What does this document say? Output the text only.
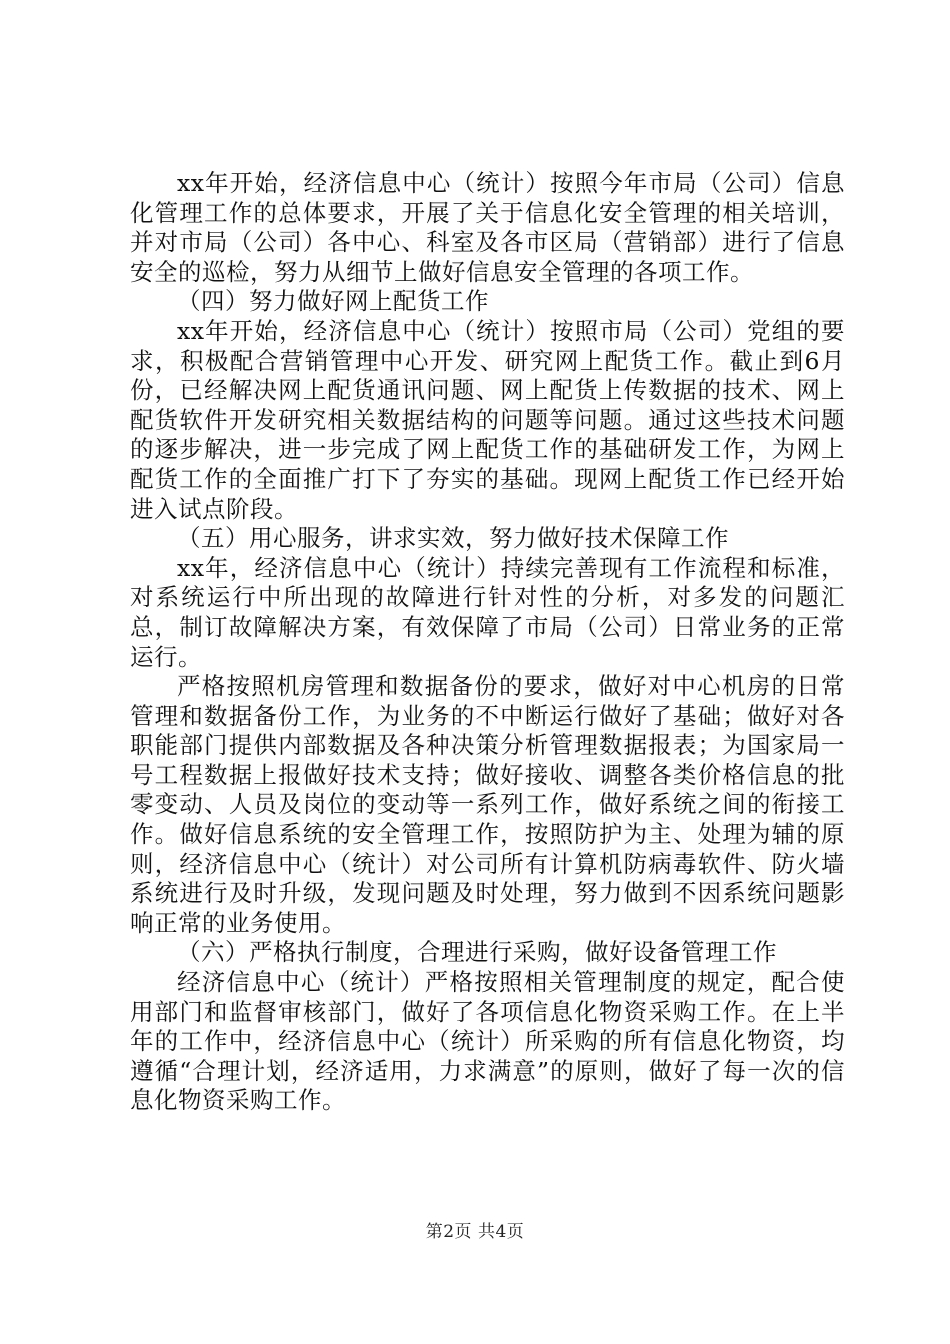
xx年开始，经济信息中心（统计）按照今年市局（公司）信息化管理工作的总体要求，开展了关于信息化安全管理的相关培训，并对市局（公司）各中心、科室及各市区局（营销部）进行了信息安全的巡检，努力从细节上做好信息安全管理的各项工作。

（四）努力做好网上配货工作

xx年开始，经济信息中心（统计）按照市局（公司）党组的要求，积极配合营销管理中心开发、研究网上配货工作。截止到6月份，已经解决网上配货通讯问题、网上配货上传数据的技术、网上配货软件开发研究相关数据结构的问题等问题。通过这些技术问题的逐步解决，进一步完成了网上配货工作的基础研发工作，为网上配货工作的全面推广打下了夯实的基础。现网上配货工作已经开始进入试点阶段。

（五）用心服务，讲求实效，努力做好技术保障工作

xx年，经济信息中心（统计）持续完善现有工作流程和标准，对系统运行中所出现的故障进行针对性的分析，对多发的问题汇总，制订故障解决方案，有效保障了市局（公司）日常业务的正常运行。

严格按照机房管理和数据备份的要求，做好对中心机房的日常管理和数据备份工作，为业务的不中断运行做好了基础；做好对各职能部门提供内部数据及各种决策分析管理数据报表；为国家局一号工程数据上报做好技术支持；做好接收、调整各类价格信息的批零变动、人员及岗位的变动等一系列工作，做好系统之间的衔接工作。做好信息系统的安全管理工作，按照防护为主、处理为辅的原则，经济信息中心（统计）对公司所有计算机防病毒软件、防火墙系统进行及时升级，发现问题及时处理，努力做到不因系统问题影响正常的业务使用。

（六）严格执行制度，合理进行采购，做好设备管理工作

经济信息中心（统计）严格按照相关管理制度的规定，配合使用部门和监督审核部门，做好了各项信息化物资采购工作。在上半年的工作中，经济信息中心（统计）所采购的所有信息化物资，均遵循“合理计划，经济适用，力求满意”的原则，做好了每一次的信息化物资采购工作。

第2页 共4页
